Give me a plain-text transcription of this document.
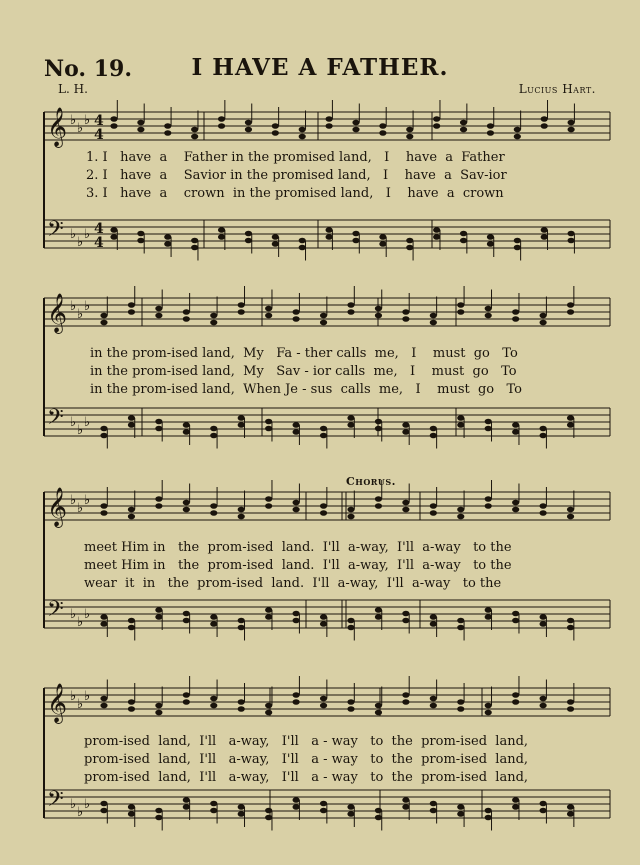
No. 19.	I HAVE A FATHER.
L. H.	Lucius Hart.
Chorus.
𝄞
𝄢
♭
♭
♭
♭
♭
♭
4
4
4
4
𝄞
𝄢
♭
♭
♭
♭
♭
♭
𝄞
𝄢
♭
♭
♭
♭
♭
♭
𝄞
𝄢
♭
♭
♭
♭
♭
♭
1. I   have  a    Father in the promised land,   I    have  a  Father
2. I   have  a    Savior in the promised land,   I    have  a  Sav-ior
3. I   have  a    crown  in the promised land,   I    have  a  crown
in the prom-ised land,  My   Fa - ther calls  me,   I    must  go   To
in the prom-ised land,  My   Sav - ior calls  me,   I    must  go   To
in the prom-ised land,  When Je - sus  calls  me,   I    must  go   To
meet Him in   the  prom-ised  land.  I'll  a-way,  I'll  a-way   to the
meet Him in   the  prom-ised  land.  I'll  a-way,  I'll  a-way   to the
wear  it  in   the  prom-ised  land.  I'll  a-way,  I'll  a-way   to the
prom-ised  land,  I'll   a-way,   I'll   a - way   to  the  prom-ised  land,
prom-ised  land,  I'll   a-way,   I'll   a - way   to  the  prom-ised  land,
prom-ised  land,  I'll   a-way,   I'll   a - way   to  the  prom-ised  land,
